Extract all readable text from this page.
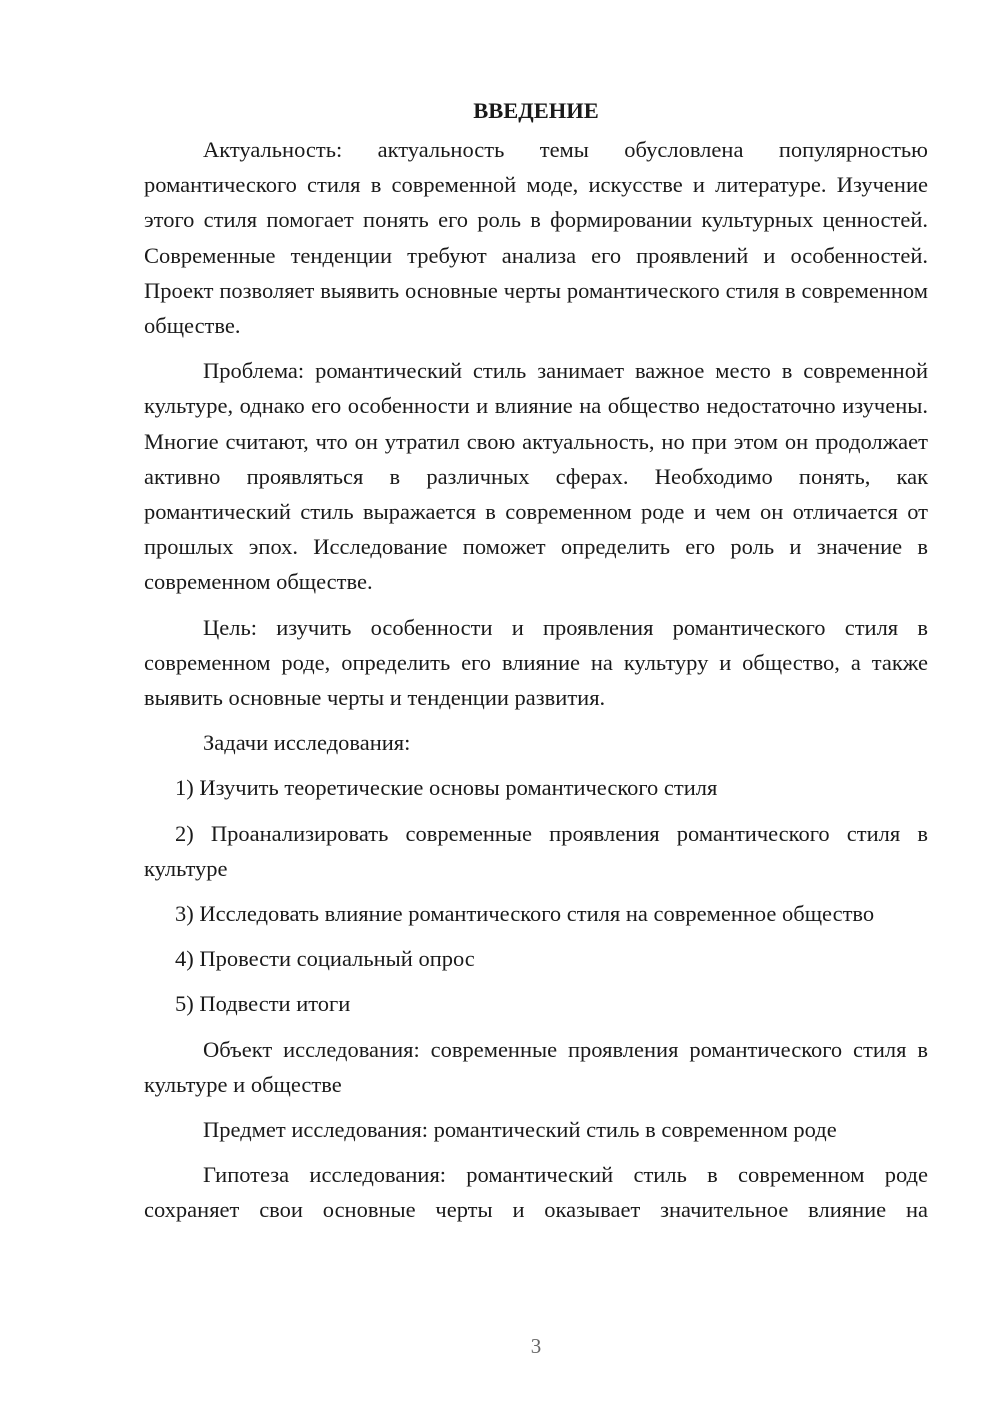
ВВЕДЕНИЕ

Актуальность: актуальность темы обусловлена популярностью романтического стиля в современной моде, искусстве и литературе. Изучение этого стиля помогает понять его роль в формировании культурных ценностей. Современные тенденции требуют анализа его проявлений и особенностей. Проект позволяет выявить основные черты романтического стиля в современном обществе.

Проблема: романтический стиль занимает важное место в современной культуре, однако его особенности и влияние на общество недостаточно изучены. Многие считают, что он утратил свою актуальность, но при этом он продолжает активно проявляться в различных сферах. Необходимо понять, как романтический стиль выражается в современном роде и чем он отличается от прошлых эпох. Исследование поможет определить его роль и значение в современном обществе.

Цель: изучить особенности и проявления романтического стиля в современном роде, определить его влияние на культуру и общество, а также выявить основные черты и тенденции развития.

Задачи исследования:

1) Изучить теоретические основы романтического стиля

2) Проанализировать современные проявления романтического стиля в культуре

3) Исследовать влияние романтического стиля на современное общество

4) Провести социальный опрос

5) Подвести итоги

Объект исследования: современные проявления романтического стиля в культуре и обществе

Предмет исследования: романтический стиль в современном роде

Гипотеза исследования: романтический стиль в современном роде сохраняет свои основные черты и оказывает значительное влияние на

3
